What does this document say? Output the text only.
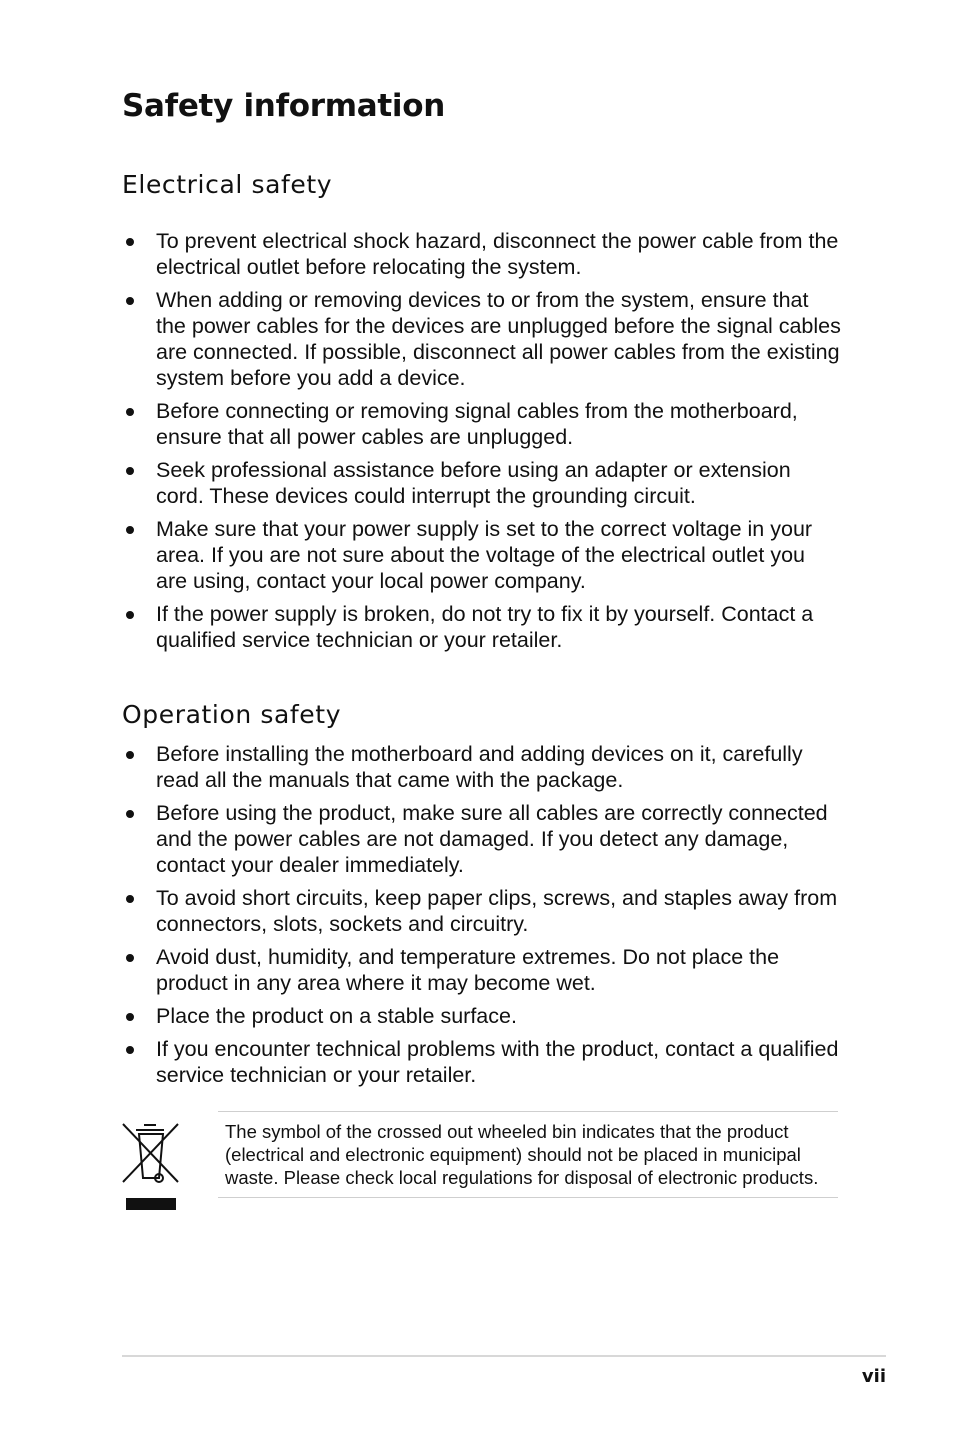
Safety information
Electrical safety
To prevent electrical shock hazard, disconnect the power cable from the electrical outlet before relocating the system.
When adding or removing devices to or from the system, ensure that the power cables for the devices are unplugged before the signal cables are connected. If possible, disconnect all power cables from the existing system before you add a device.
Before connecting or removing signal cables from the motherboard, ensure that all power cables are unplugged.
Seek professional assistance before using an adapter or extension cord. These devices could interrupt the grounding circuit.
Make sure that your power supply is set to the correct voltage in your area. If you are not sure about the voltage of the electrical outlet you are using, contact your local power company.
If the power supply is broken, do not try to fix it by yourself. Contact a qualified service technician or your retailer.
Operation safety
Before installing the motherboard and adding devices on it, carefully read all the manuals that came with the package.
Before using the product, make sure all cables are correctly connected and the power cables are not damaged. If you detect any damage, contact your dealer immediately.
To avoid short circuits, keep paper clips, screws, and staples away from connectors, slots, sockets and circuitry.
Avoid dust, humidity, and temperature extremes. Do not place the product in any area where it may become wet.
Place the product on a stable surface.
If you encounter technical problems with the product, contact a qualified service technician or your retailer.

The symbol of the crossed out wheeled bin indicates that the product (electrical and electronic equipment) should not be placed in municipal waste. Please check local regulations for disposal of electronic products.

vii
